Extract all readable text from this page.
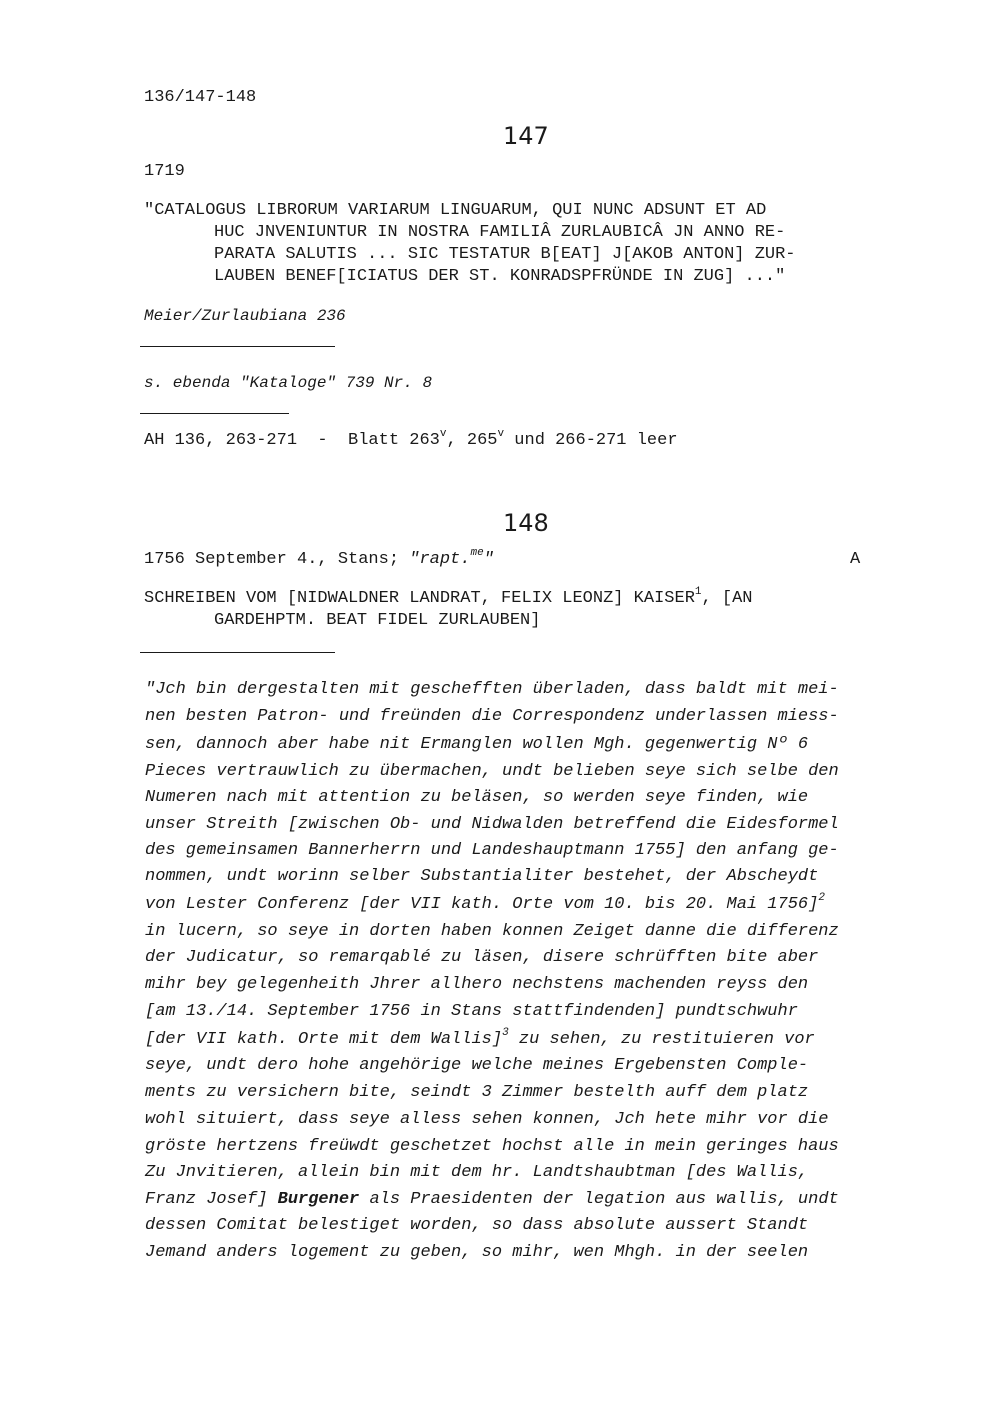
136/147-148
147
1719
"CATALOGUS LIBRORUM VARIARUM LINGUARUM, QUI NUNC ADSUNT ET AD
HUC JNVENIUNTUR IN NOSTRA FAMILIÂ ZURLAUBICÂ JN ANNO RE-
PARATA SALUTIS ... SIC TESTATUR B[EAT] J[AKOB ANTON] ZUR-
LAUBEN BENEF[ICIATUS DER ST. KONRADSPFRÜNDE IN ZUG] ..."
Meier/Zurlaubiana 236
s. ebenda "Kataloge" 739 Nr. 8
AH 136, 263-271  -  Blatt 263$^v$, 265$^v$ und 266-271 leer
148
1756 September 4., Stans; "rapt.$^{me}$"	A
SCHREIBEN VOM [NIDWALDNER LANDRAT, FELIX LEONZ] KAISER$^1$, [AN
GARDEHPTM. BEAT FIDEL ZURLAUBEN]
"Jch bin dergestalten mit geschefften überladen, dass baldt mit mei-
nen besten Patron- und freünden die Correspondenz underlassen miess-
sen, dannoch aber habe nit Ermanglen wollen Mgh. gegenwertig Nº 6
Pieces vertrauwlich zu übermachen, undt belieben seye sich selbe den
Numeren nach mit attention zu beläsen, so werden seye finden, wie
unser Streith [zwischen Ob- und Nidwalden betreffend die Eidesformel
des gemeinsamen Bannerherrn und Landeshauptmann 1755] den anfang ge-
nommen, undt worinn selber Substantialiter bestehet, der Abscheydt
von Lester Conferenz [der VII kath. Orte vom 10. bis 20. Mai 1756]$^2$
in lucern, so seye in dorten haben konnen Zeiget danne die differenz
der Judicatur, so remarqablé zu läsen, disere schrüfften bite aber
mihr bey gelegenheith Jhrer allhero nechstens machenden reyss den
[am 13./14. September 1756 in Stans stattfindenden] pundtschwuhr
[der VII kath. Orte mit dem Wallis]$^3$ zu sehen, zu restituieren vor
seye, undt dero hohe angehörige welche meines Ergebensten Comple-
ments zu versichern bite, seindt 3 Zimmer bestelth auff dem platz
wohl situiert, dass seye alless sehen konnen, Jch hete mihr vor die
gröste hertzens freüwdt geschetzet hochst alle in mein geringes haus
Zu Jnvitieren, allein bin mit dem hr. Landtshaubtman [des Wallis,
Franz Josef] Burgener als Praesidenten der legation aus wallis, undt
dessen Comitat belestiget worden, so dass absolute aussert Standt
Jemand anders logement zu geben, so mihr, wen Mhgh. in der seelen
